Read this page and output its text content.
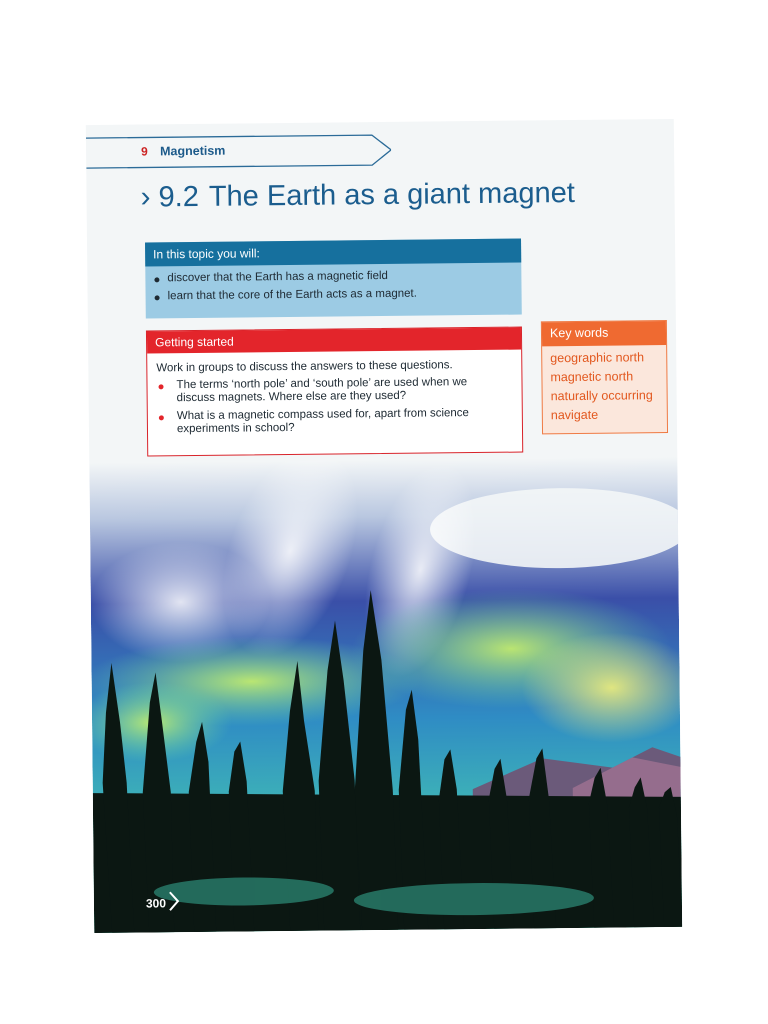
9 Magnetism
› 9.2 The Earth as a giant magnet
In this topic you will:
discover that the Earth has a magnetic field
learn that the core of the Earth acts as a magnet.
Getting started
Work in groups to discuss the answers to these questions.
The terms ‘north pole’ and ‘south pole’ are used when we discuss magnets. Where else are they used?
What is a magnetic compass used for, apart from science experiments in school?
Key words
geographic north
magnetic north
naturally occurring
navigate
300
